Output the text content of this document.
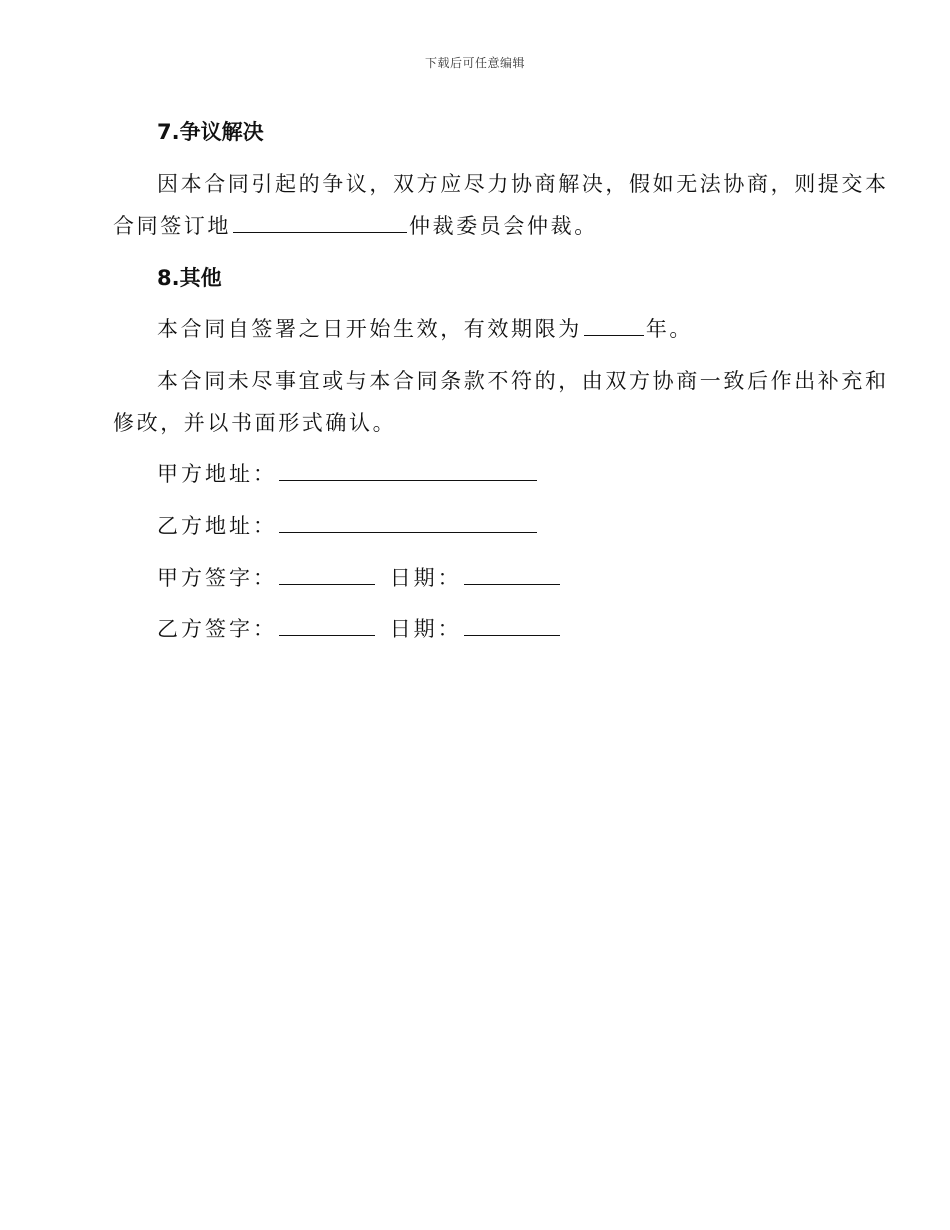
下载后可任意编辑
7.争议解决
因本合同引起的争议，双方应尽力协商解决，假如无法协商，则提交本
合同签订地	仲裁委员会仲裁。
8.其他
本合同自签署之日开始生效，有效期限为	年。
本合同未尽事宜或与本合同条款不符的，由双方协商一致后作出补充和
修改，并以书面形式确认。
甲方地址：
乙方地址：
甲方签字：	日期：
乙方签字：	日期：
